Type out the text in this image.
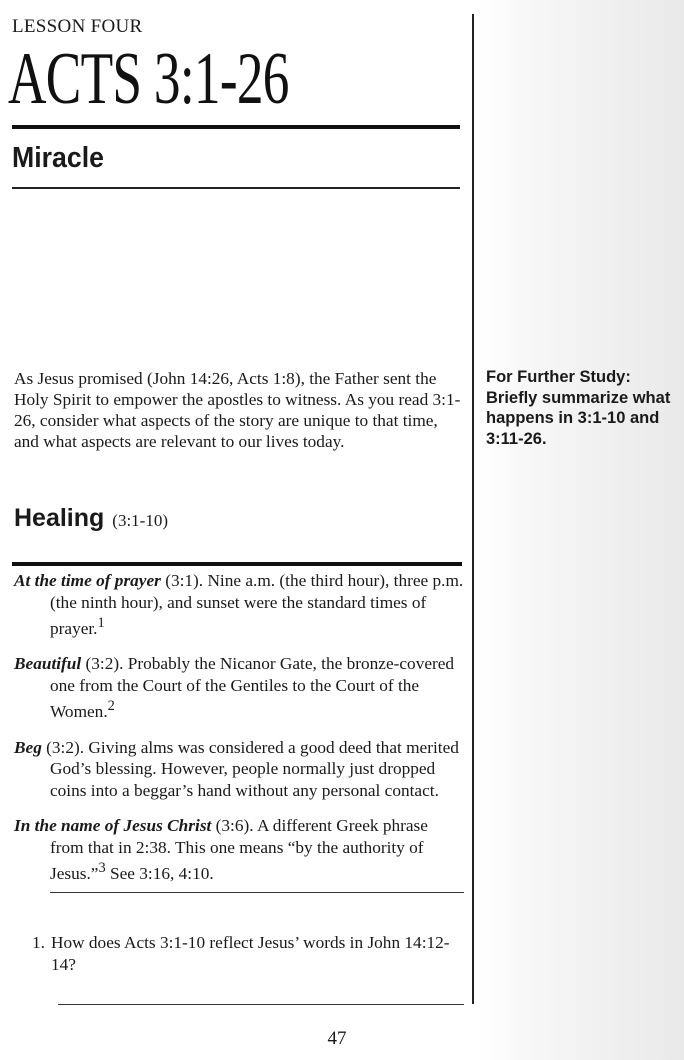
LESSON FOUR
ACTS 3:1-26
Miracle

As Jesus promised (John 14:26, Acts 1:8), the Father sent the Holy Spirit to empower the apostles to witness. As you read 3:1-26, consider what aspects of the story are unique to that time, and what aspects are relevant to our lives today.

For Further Study:
Briefly summarize what happens in 3:1-10 and 3:11-26.
Healing (3:1-10)
At the time of prayer (3:1). Nine a.m. (the third hour), three p.m. (the ninth hour), and sunset were the standard times of prayer.$^1$
Beautiful (3:2). Probably the Nicanor Gate, the bronze-covered one from the Court of the Gentiles to the Court of the Women.$^2$
Beg (3:2). Giving alms was considered a good deed that merited God’s blessing. However, people normally just dropped coins into a beggar’s hand without any personal contact.
In the name of Jesus Christ (3:6). A different Greek phrase from that in 2:38. This one means “by the authority of Jesus.”$^3$ See 3:16, 4:10.
1. How does Acts 3:1-10 reflect Jesus’ words in John 14:12-14?
47
